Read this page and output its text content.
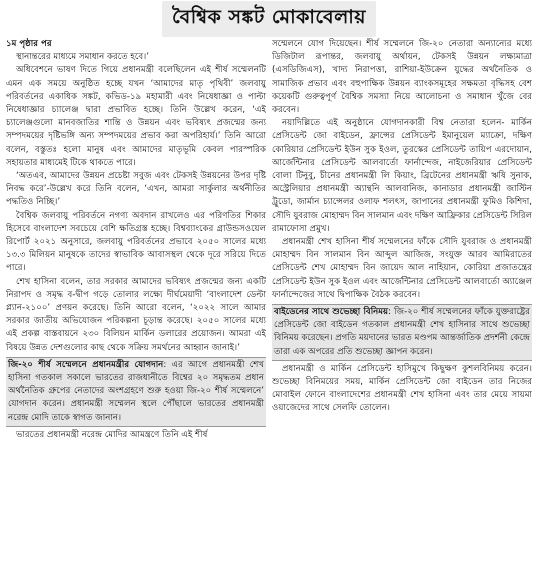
বৈশ্বিক সঙ্কট মোকাবেলায়

১ম পৃষ্ঠার পর

স্থানান্তরের মাধ্যমে সমাধান করতে হবে।’

অধিবেশনে ভাষণ দিতে গিয়ে প্রধানমন্ত্রী বলেছিলেন এই শীর্ষ সম্মেলনটি এমন এক সময়ে অনুষ্ঠিত হচ্ছে যখন ‘আমাদের মাতৃ পৃথিবী’ জলবায়ু পরিবর্তনের একাধিক সঙ্কট, কভিড-১৯ মহামারী এবং নিষেধাজ্ঞা ও পাল্টা নিষেধাজ্ঞার চ্যালেঞ্জ দ্বারা প্রভাবিত হচ্ছে। তিনি উল্লেখ করেন, ‘এই চ্যালেঞ্জগুলো মানবজাতির শান্তি ও উন্নয়ন এবং ভবিষ্যৎ প্রজন্মের জন্য সম্পদময়ের দৃষ্টিভঙ্গি অন্য সম্পদময়ের প্রভাব করা অপরিহার্য।’ তিনি আরো বলেন, বস্তুতঃ হলো মানুষ এবং আমাদের মাতৃভূমি কেবল পারস্পরিক সহায়তার মাধ্যমেই টিকে থাকতে পারে।

‘অতএব, আমাদের উন্নয়ন প্রচেষ্টা সবুজ এবং টেকসই উন্নয়নের উপর দৃষ্টি নিবদ্ধ করে’-উল্লেখ করে তিনি বলেন, ‘এখন, আমরা সার্কুলার অর্থনীতির পদ্ধতিও নিচ্ছি।’

বৈশ্বিক জলবায়ু পরিবর্তনে নগণ্য অবদান রাখলেও এর পরিণতির শিকার হিসেবে বাংলাদেশ সবচেয়ে বেশি ক্ষতিগ্রস্ত হচ্ছে। বিশ্বব্যাংকের গ্রাউন্ডসওয়েল রিপোর্ট ২০২১ অনুসারে, জলবায়ু পরিবর্তনের প্রভাবে ২০৫০ সালের মধ্যে ১৩.৩ মিলিয়ন মানুষকে তাদের স্বাভাবিক আবাসস্থল থেকে দূরে সরিয়ে দিতে পারে।

শেখ হাসিনা বলেন, তার সরকার আমাদের ভবিষ্যৎ প্রজন্মের জন্য একটি নিরাপদ ও সমৃদ্ধ ব-দ্বীপ গড়ে তোলার লক্ষ্যে দীর্ঘমেয়াদী ‘বাংলাদেশ ডেল্টা প্ল্যান-২১০০’ প্রণয়ন করেছে। তিনি আরো বলেন, ‘২০২২ সালে আমার সরকার জাতীয় অভিযোজন পরিকল্পনা চূড়ান্ত করেছে। ২০৫০ সালের মধ্যে এই প্রকল্প বাস্তবায়নে ২৩০ বিলিয়ন মার্কিন ডলারের প্রয়োজন। আমরা এই বিষয়ে উন্নত দেশগুলোর কাছ থেকে সক্রিয় সমর্থনের আহ্বান জানাই।’

জি-২০ শীর্ষ সম্মেলনে প্রধানমন্ত্রীর যোগদান: এর আগে প্রধানমন্ত্রী শেখ হাসিনা গতকাল সকালে ভারতের রাজধানীতে বিশ্বের ২০ সমৃদ্ধতম প্রধান অর্থনৈতিক গ্রুপের নেতাদের অংশগ্রহণে শুরু হওয়া জি-২০ শীর্ষ সম্মেলনে’ যোগদান করেন। প্রধানমন্ত্রী সম্মেলন স্থলে পৌঁছালে ভারতের প্রধানমন্ত্রী নরেন্দ্র মোদি তাকে স্বাগত জানান।

ভারতের প্রধানমন্ত্রী নরেন্দ্র মোদির আমন্ত্রণে তিনি এই শীর্ষ

সম্মেলনে যোগ দিয়েছেন। শীর্ষ সম্মেলনে জি-২০ নেতারা অন্যান্যের মধ্যে ডিজিটাল রূপান্তর, জলবায়ু অর্থায়ন, টেকসই উন্নয়ন লক্ষ্যমাত্রা (এসডিজিএস), খাদ্য নিরাপত্তা, রাশিয়া-ইউক্রেন যুদ্ধের অর্থনৈতিক ও সামাজিক প্রভাব এবং বহুপাক্ষিক উন্নয়ন ব্যাংকসমূহের সক্ষমতা বৃদ্ধিসহ বেশ কয়েকটি গুরুত্বপূর্ণ বৈশ্বিক সমস্যা নিয়ে আলোচনা ও সমাধান খুঁজে বের করবেন।

নয়াদিল্লিতে এই অনুষ্ঠানে যোগদানকারী বিশ্ব নেতারা হলেন- মার্কিন প্রেসিডেন্ট জো বাইডেন, ফ্রান্সের প্রেসিডেন্ট ইমানুয়েল ম্যাক্রো, দক্ষিণ কোরিয়ার প্রেসিডেন্ট ইউন সুক ইওল, তুরস্কের প্রেসিডেন্ট তায়িপ এরদোয়ান, আর্জেন্টিনার প্রেসিডেন্ট আলবার্তো ফার্নান্দেজ, নাইজেরিয়ার প্রেসিডেন্ট বোলা টিনুবু, চীনের প্রধানমন্ত্রী লি কিয়াং, ব্রিটেনের প্রধানমন্ত্রী ঋষি সুনাক, অস্ট্রেলিয়ার প্রধানমন্ত্রী অ্যান্থনি আলবানিজ, কানাডার প্রধানমন্ত্রী জাস্টিন ট্রুডো, জার্মান চ্যান্সেলর ওলাফ শলৎস, জাপানের প্রধানমন্ত্রী ফুমিও কিশিদা, সৌদি যুবরাজ মোহাম্মদ বিন সালমান এবং দক্ষিণ আফ্রিকার প্রেসিডেন্ট সিরিল রামাফোসা প্রমুখ।

প্রধানমন্ত্রী শেখ হাসিনা শীর্ষ সম্মেলনের ফাঁকে সৌদি যুবরাজ ও প্রধানমন্ত্রী মোহাম্মদ বিন সালমান বিন আব্দুল আজিজ, সংযুক্ত আরব আমিরাতের প্রেসিডেন্ট শেখ মোহাম্মদ বিন জায়েদ আল নাহিয়ান, কোরিয়া প্রজাতন্ত্রের প্রেসিডেন্ট ইউন সুক ইওল এবং আর্জেন্টিনার প্রেসিডেন্ট আলবার্তো অ্যাঞ্জেল ফার্নান্দেজের সাথে দ্বিপাক্ষিক বৈঠক করবেন।

বাইডেনের সাথে শুভেচ্ছা বিনিময়: জি-২০ শীর্ষ সম্মেলনের ফাঁকে যুক্তরাষ্ট্রের প্রেসিডেন্ট জো বাইডেন গতকাল প্রধানমন্ত্রী শেখ হাসিনার সাথে শুভেচ্ছা বিনিময় করেছেন। প্রগতি ময়দানের ভারত মণ্ডপম আন্তর্জাতিক প্রদর্শনী কেন্দ্রে তারা এক অপরের প্রতি শুভেচ্ছা জ্ঞাপন করেন।

প্রধানমন্ত্রী ও মার্কিন প্রেসিডেন্ট হাসিমুখে কিছুক্ষণ কুশলবিনিময় করেন। শুভেচ্ছা বিনিময়ের সময়, মার্কিন প্রেসিডেন্ট জো বাইডেন তার নিজের মোবাইল ফোনে বাংলাদেশের প্রধানমন্ত্রী শেখ হাসিনা এবং তার মেয়ে সায়মা ওয়াজেদের সাথে সেলফি তোলেন।
